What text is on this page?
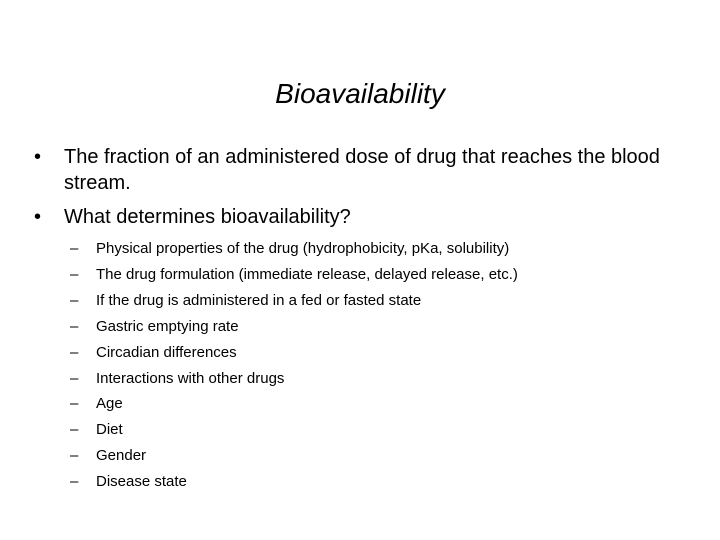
Bioavailability
•	The fraction of an administered dose of drug that reaches the blood stream.
•	What determines bioavailability?
– Physical properties of the drug (hydrophobicity, pKa, solubility)
– The drug formulation (immediate release, delayed release, etc.)
– If the drug is administered in a fed or fasted state
– Gastric emptying rate
– Circadian differences
– Interactions with other drugs
– Age
– Diet
– Gender
– Disease state
